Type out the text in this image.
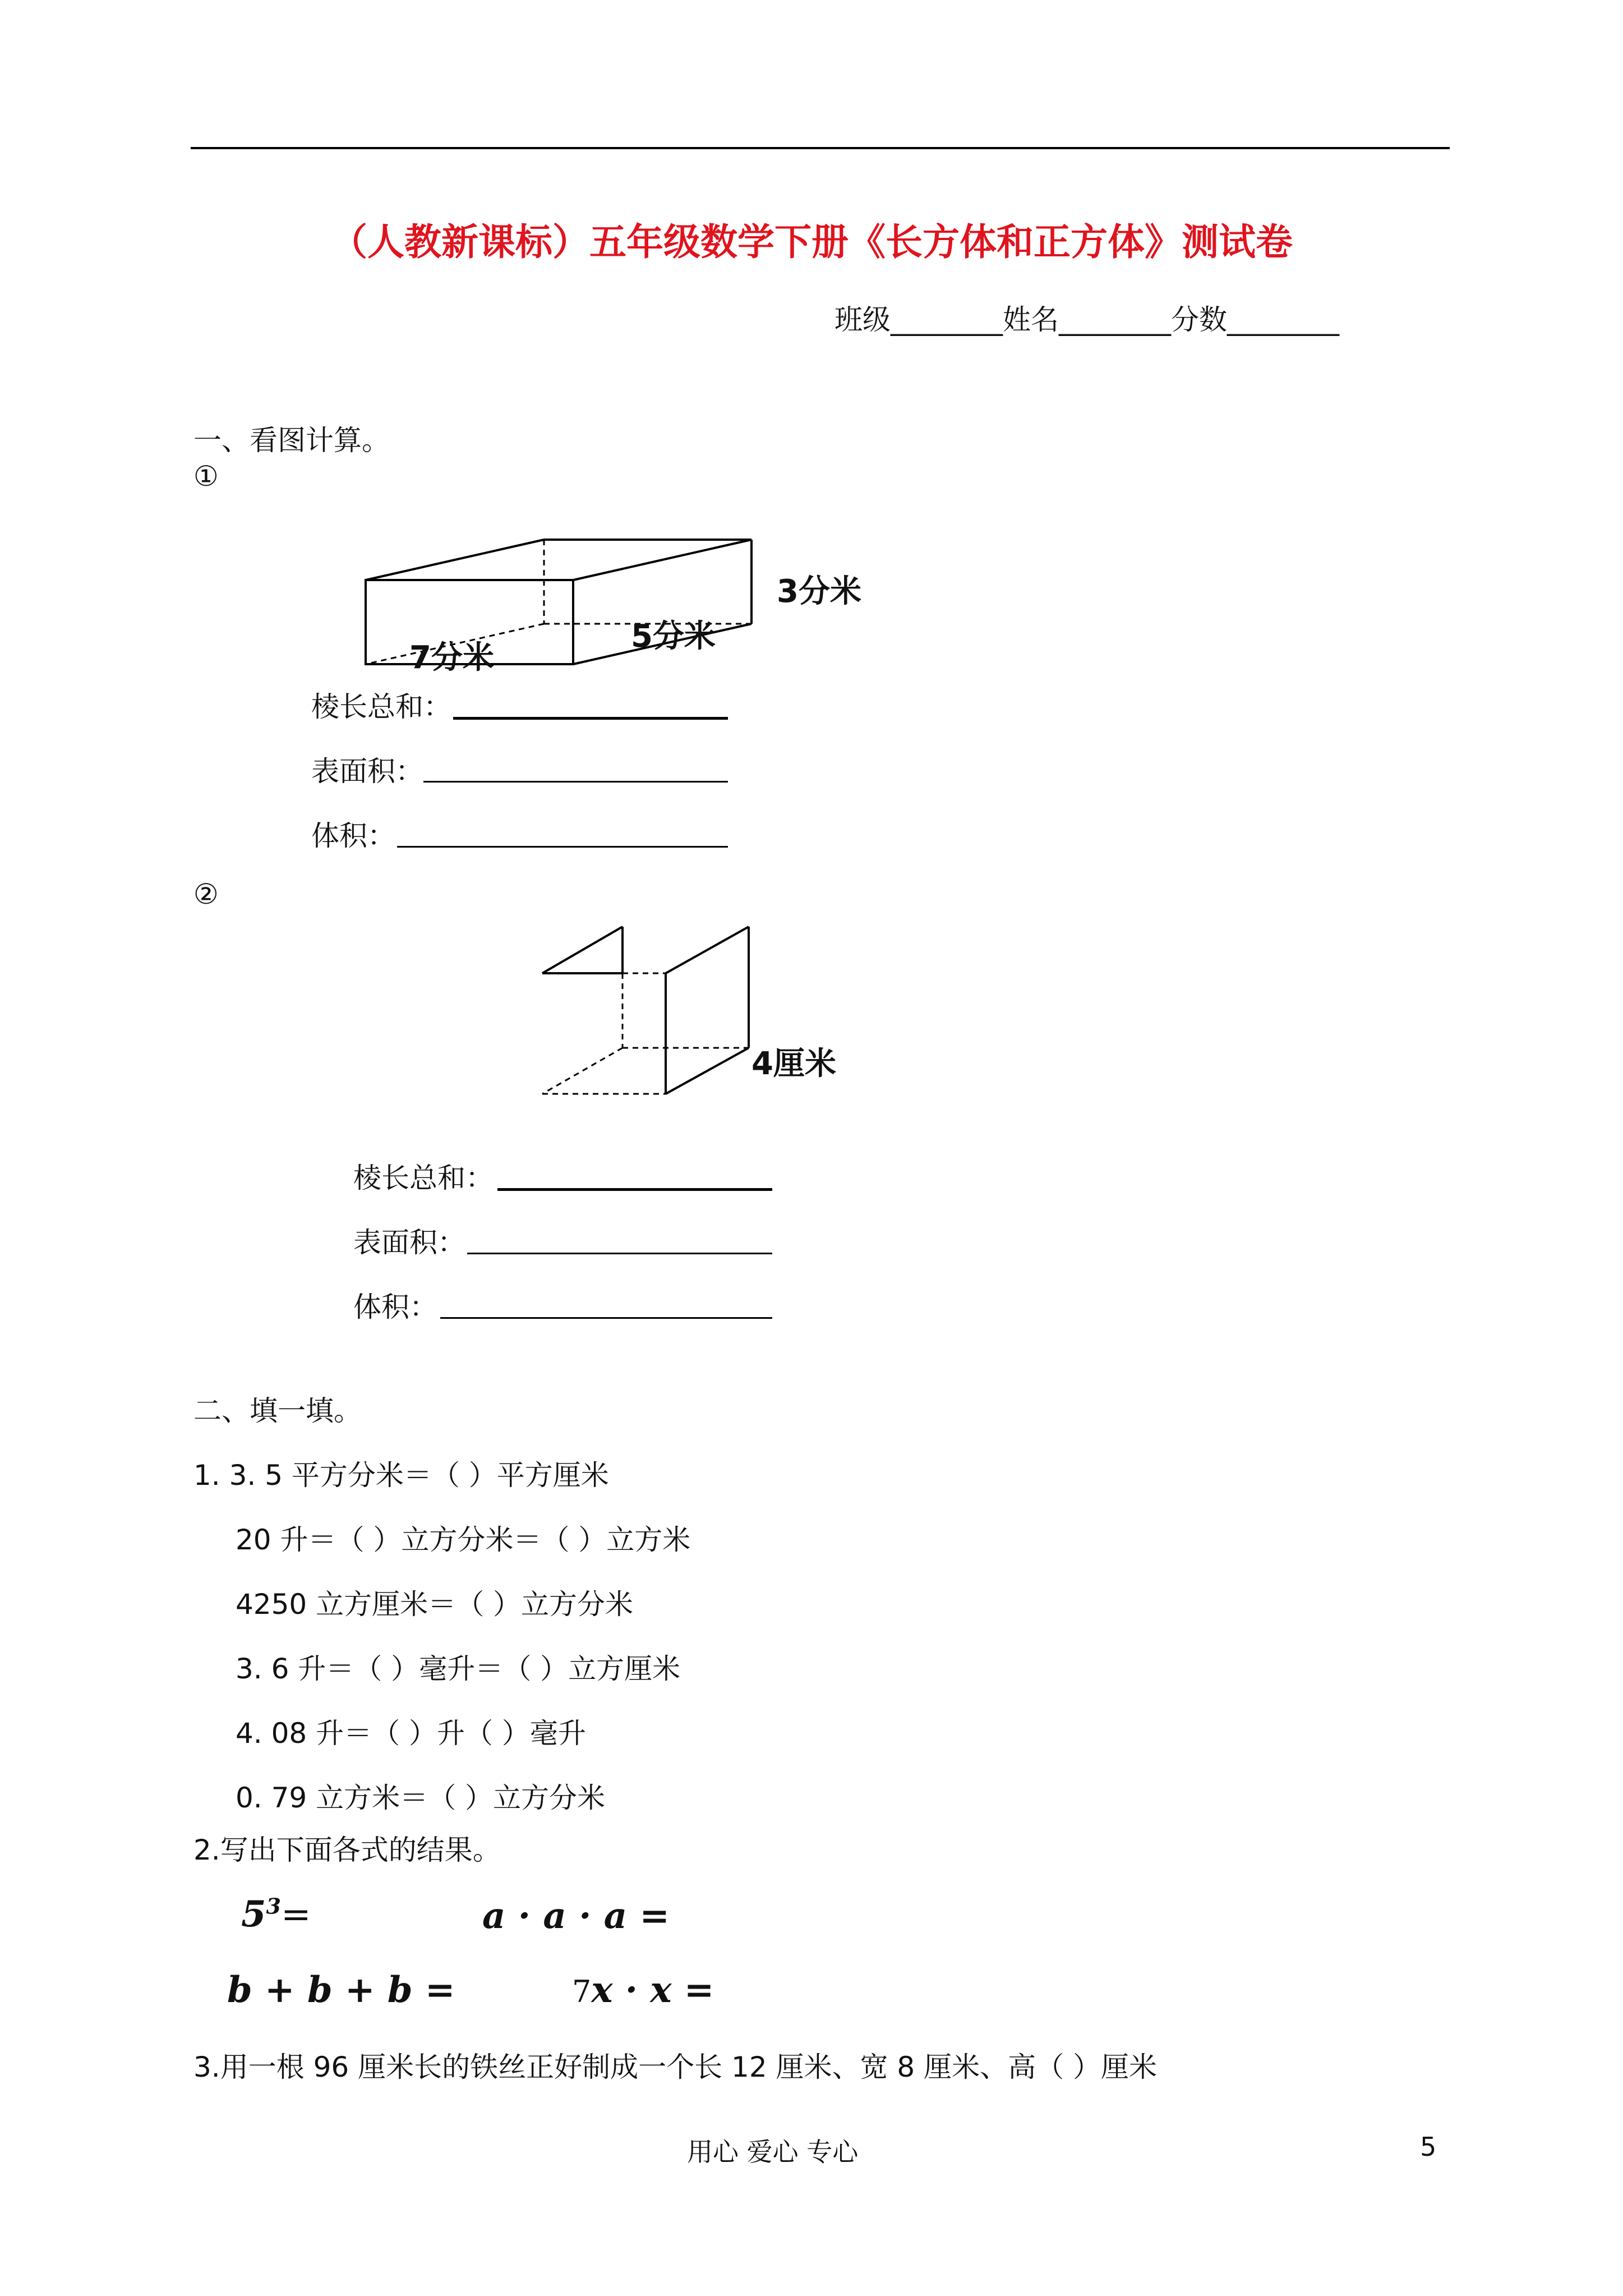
（人教新课标）五年级数学下册《长方体和正方体》测试卷
班级________姓名________分数________
一、看图计算。
①
3分米
5分米
7分米
棱长总和：
表面积：
体积：
②
4厘米
棱长总和：
表面积：
体积：
二、填一填。
1. 3. 5 平方分米＝（ ）平方厘米
20 升＝（ ）立方分米＝（ ）立方米
4250 立方厘米＝（ ）立方分米
3. 6 升＝（ ）毫升＝（ ）立方厘米
4. 08 升＝（ ）升（ ）毫升
0. 79 立方米＝（ ）立方分米
2.写出下面各式的结果。
$5^3=$	a · a · a =
b + b + b =	7x · x =
3.用一根 96 厘米长的铁丝正好制成一个长 12 厘米、宽 8 厘米、高（ ）厘米
用心 爱心 专心	5
